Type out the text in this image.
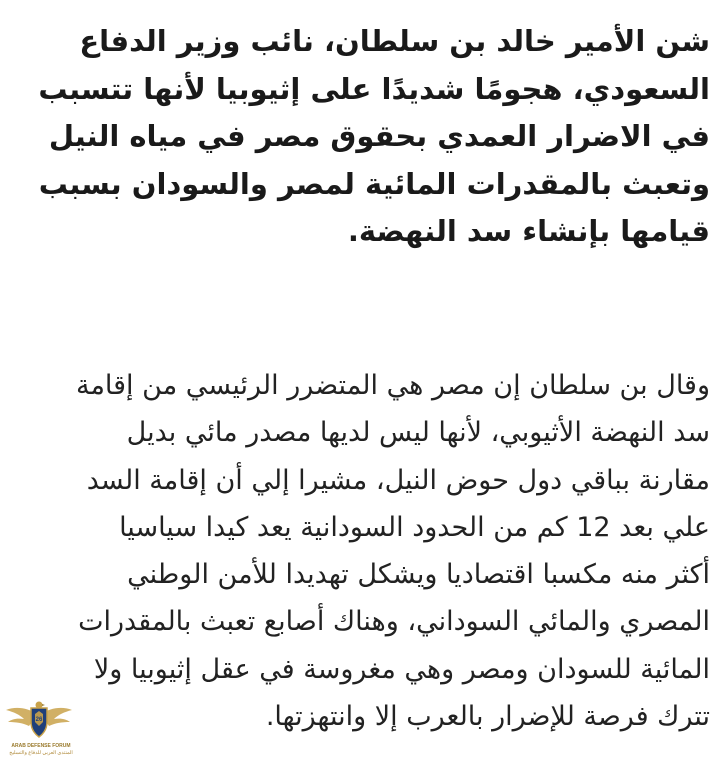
شن الأمير خالد بن سلطان، نائب وزير الدفاع
السعودي، هجومًا شديدًا على إثيوبيا لأنها تتسبب
في الاضرار العمدي بحقوق مصر في مياه النيل
وتعبث بالمقدرات المائية لمصر والسودان بسبب
قيامها بإنشاء سد النهضة.

وقال بن سلطان إن مصر هي المتضرر الرئيسي من إقامة
سد النهضة الأثيوبي، لأنها ليس لديها مصدر مائي بديل
مقارنة بباقي دول حوض النيل، مشيرا إلي أن إقامة السد
علي بعد 12 كم من الحدود السودانية يعد كيدا سياسيا
أكثر منه مكسبا اقتصاديا ويشكل تهديدا للأمن الوطني
المصري والمائي السوداني، وهناك أصابع تعبث بالمقدرات
المائية للسودان ومصر وهي مغروسة في عقل إثيوبيا ولا
تترك فرصة للإضرار بالعرب إلا وانتهزتها.

26
ARAB DEFENSE FORUM
المنتدى العربي للدفاع والتسليح
